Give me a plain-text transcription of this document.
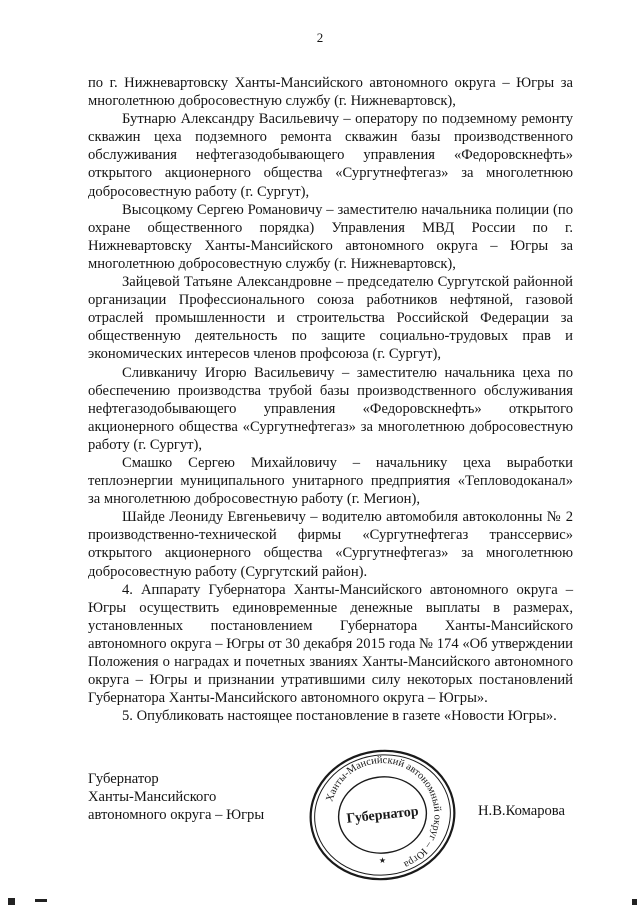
2

по г. Нижневартовску Ханты-Мансийского автономного округа – Югры за многолетнюю добросовестную службу (г. Нижневартовск),

Бутнарю Александру Васильевичу – оператору по подземному ремонту скважин цеха подземного ремонта скважин базы производственного обслуживания нефтегазодобывающего управления «Федоровскнефть» открытого акционерного общества «Сургутнефтегаз» за многолетнюю добросовестную работу (г. Сургут),

Высоцкому Сергею Романовичу – заместителю начальника полиции (по охране общественного порядка) Управления МВД России по г. Нижневартовску Ханты-Мансийского автономного округа – Югры за многолетнюю добросовестную службу (г. Нижневартовск),

Зайцевой Татьяне Александровне – председателю Сургутской районной организации Профессионального союза работников нефтяной, газовой отраслей промышленности и строительства Российской Федерации за общественную деятельность по защите социально-трудовых прав и экономических интересов членов профсоюза (г. Сургут),

Сливканичу Игорю Васильевичу – заместителю начальника цеха по обеспечению производства трубой базы производственного обслуживания нефтегазодобывающего управления «Федоровскнефть» открытого акционерного общества «Сургутнефтегаз» за многолетнюю добросовестную работу (г. Сургут),

Смашко Сергею Михайловичу – начальнику цеха выработки теплоэнергии муниципального унитарного предприятия «Тепловодоканал» за многолетнюю добросовестную работу (г. Мегион),

Шайде Леониду Евгеньевичу – водителю автомобиля автоколонны № 2 производственно-технической фирмы «Сургутнефтегаз транссервис» открытого акционерного общества «Сургутнефтегаз» за многолетнюю добросовестную работу (Сургутский район).

4. Аппарату Губернатора Ханты-Мансийского автономного округа – Югры осуществить единовременные денежные выплаты в размерах, установленных постановлением Губернатора Ханты-Мансийского автономного округа – Югры от 30 декабря 2015 года № 174 «Об утверждении Положения о наградах и почетных званиях Ханты-Мансийского автономного округа – Югры и признании утратившими силу некоторых постановлений Губернатора Ханты-Мансийского автономного округа – Югры».

5. Опубликовать настоящее постановление в газете «Новости Югры».

Губернатор
Ханты-Мансийского
автономного округа – Югры	Н.В.Комарова
Ханты-Мансийский автономный округ – Югра
Губернатор
★
